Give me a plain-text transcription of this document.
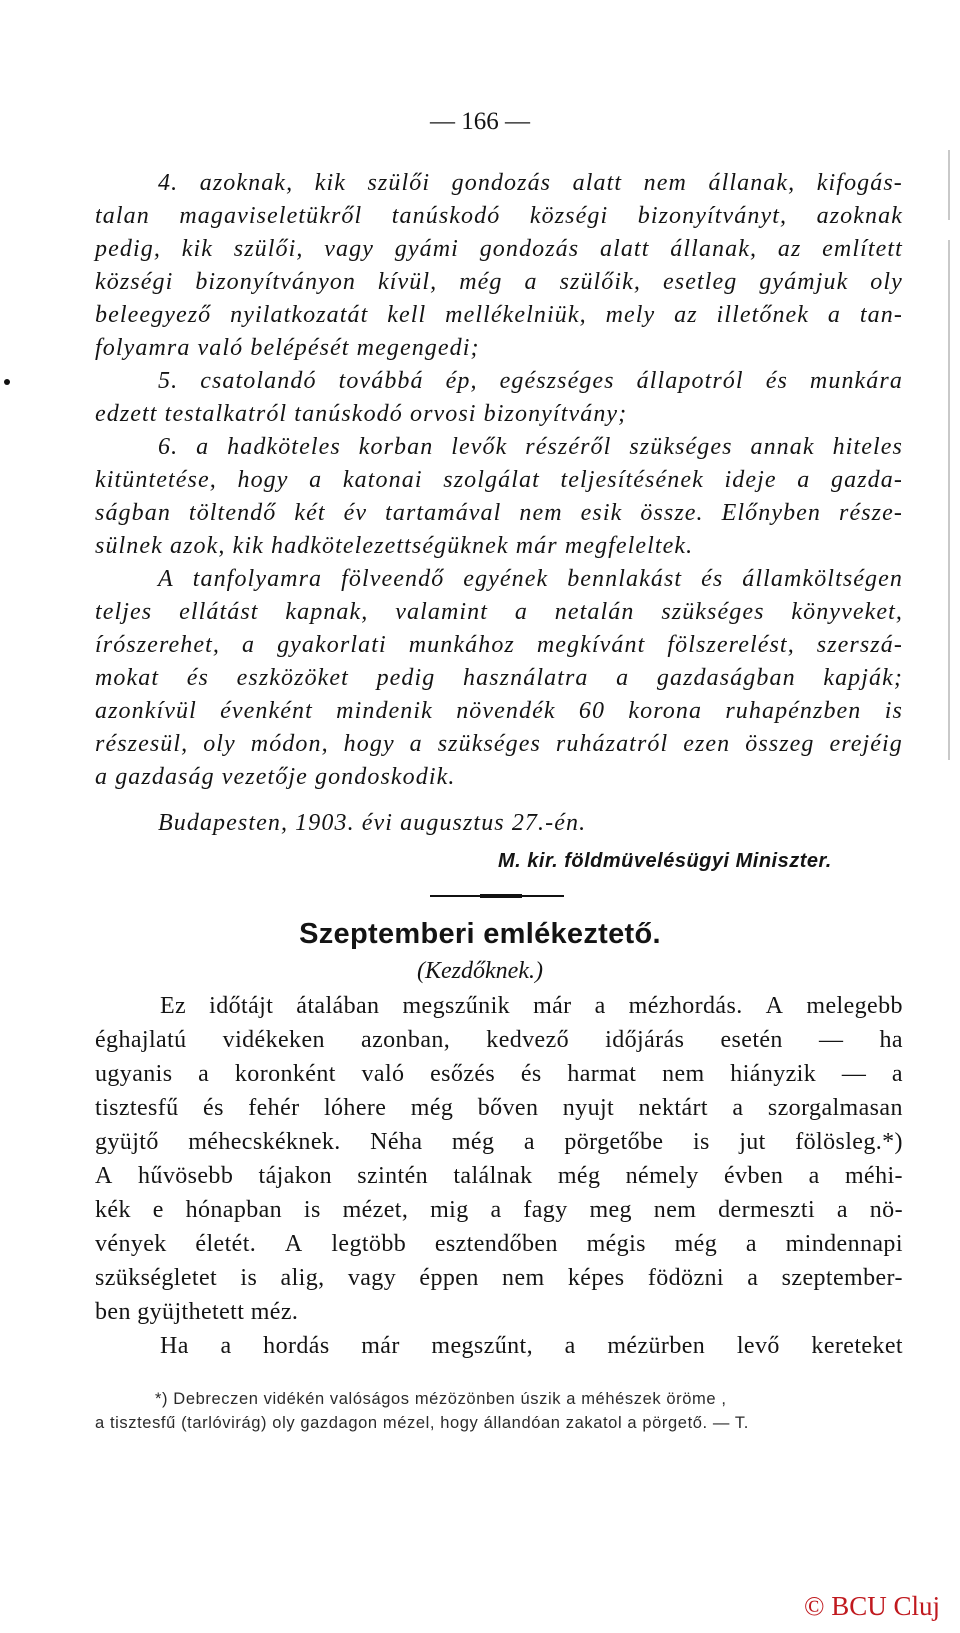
— 166 —
4. azoknak, kik szülői gondozás alatt nem állanak, kifogás-
talan magaviseletükről tanúskodó községi bizonyítványt, azoknak
pedig, kik szülői, vagy gyámi gondozás alatt állanak, az említett
községi bizonyítványon kívül, még a szülőik, esetleg gyámjuk oly
beleegyező nyilatkozatát kell mellékelniük, mely az illetőnek a tan-
folyamra való belépését megengedi;
5. csatolandó továbbá ép, egészséges állapotról és munkára
edzett testalkatról tanúskodó orvosi bizonyítvány;
6. a hadköteles korban levők részéről szükséges annak hiteles
kitüntetése, hogy a katonai szolgálat teljesítésének ideje a gazda-
ságban töltendő két év tartamával nem esik össze. Előnyben része-
sülnek azok, kik hadkötelezettségüknek már megfeleltek.
A tanfolyamra fölveendő egyének bennlakást és államköltségen
teljes ellátást kapnak, valamint a netalán szükséges könyveket,
írószerehet, a gyakorlati munkához megkívánt fölszerelést, szerszá-
mokat és eszközöket pedig használatra a gazdaságban kapják;
azonkívül évenként mindenik növendék 60 korona ruhapénzben is
részesül, oly módon, hogy a szükséges ruházatról ezen összeg erejéig
a gazdaság vezetője gondoskodik.
Budapesten, 1903. évi augusztus 27.-én.
M. kir. földmüvelésügyi Miniszter.
Szeptemberi emlékeztető.
(Kezdőknek.)
Ez időtájt átalában megszűnik már a mézhordás. A melegebb
éghajlatú vidékeken azonban, kedvező időjárás esetén — ha
ugyanis a koronként való esőzés és harmat nem hiányzik — a
tisztesfű és fehér lóhere még bőven nyujt nektárt a szorgalmasan
gyüjtő méhecskéknek. Néha még a pörgetőbe is jut fölösleg.*)
A hűvösebb tájakon szintén találnak még némely évben a méhi-
kék e hónapban is mézet, mig a fagy meg nem dermeszti a nö-
vények életét. A legtöbb esztendőben mégis még a mindennapi
szükségletet is alig, vagy éppen nem képes födözni a szeptember-
ben gyüjthetett méz.
Ha a hordás már megszűnt, a mézürben levő kereteket
*) Debreczen vidékén valóságos mézözönben úszik a méhészek öröme ,
a tisztesfű (tarlóvirág) oly gazdagon mézel, hogy állandóan zakatol a pörgető. — T.
© BCU Cluj
